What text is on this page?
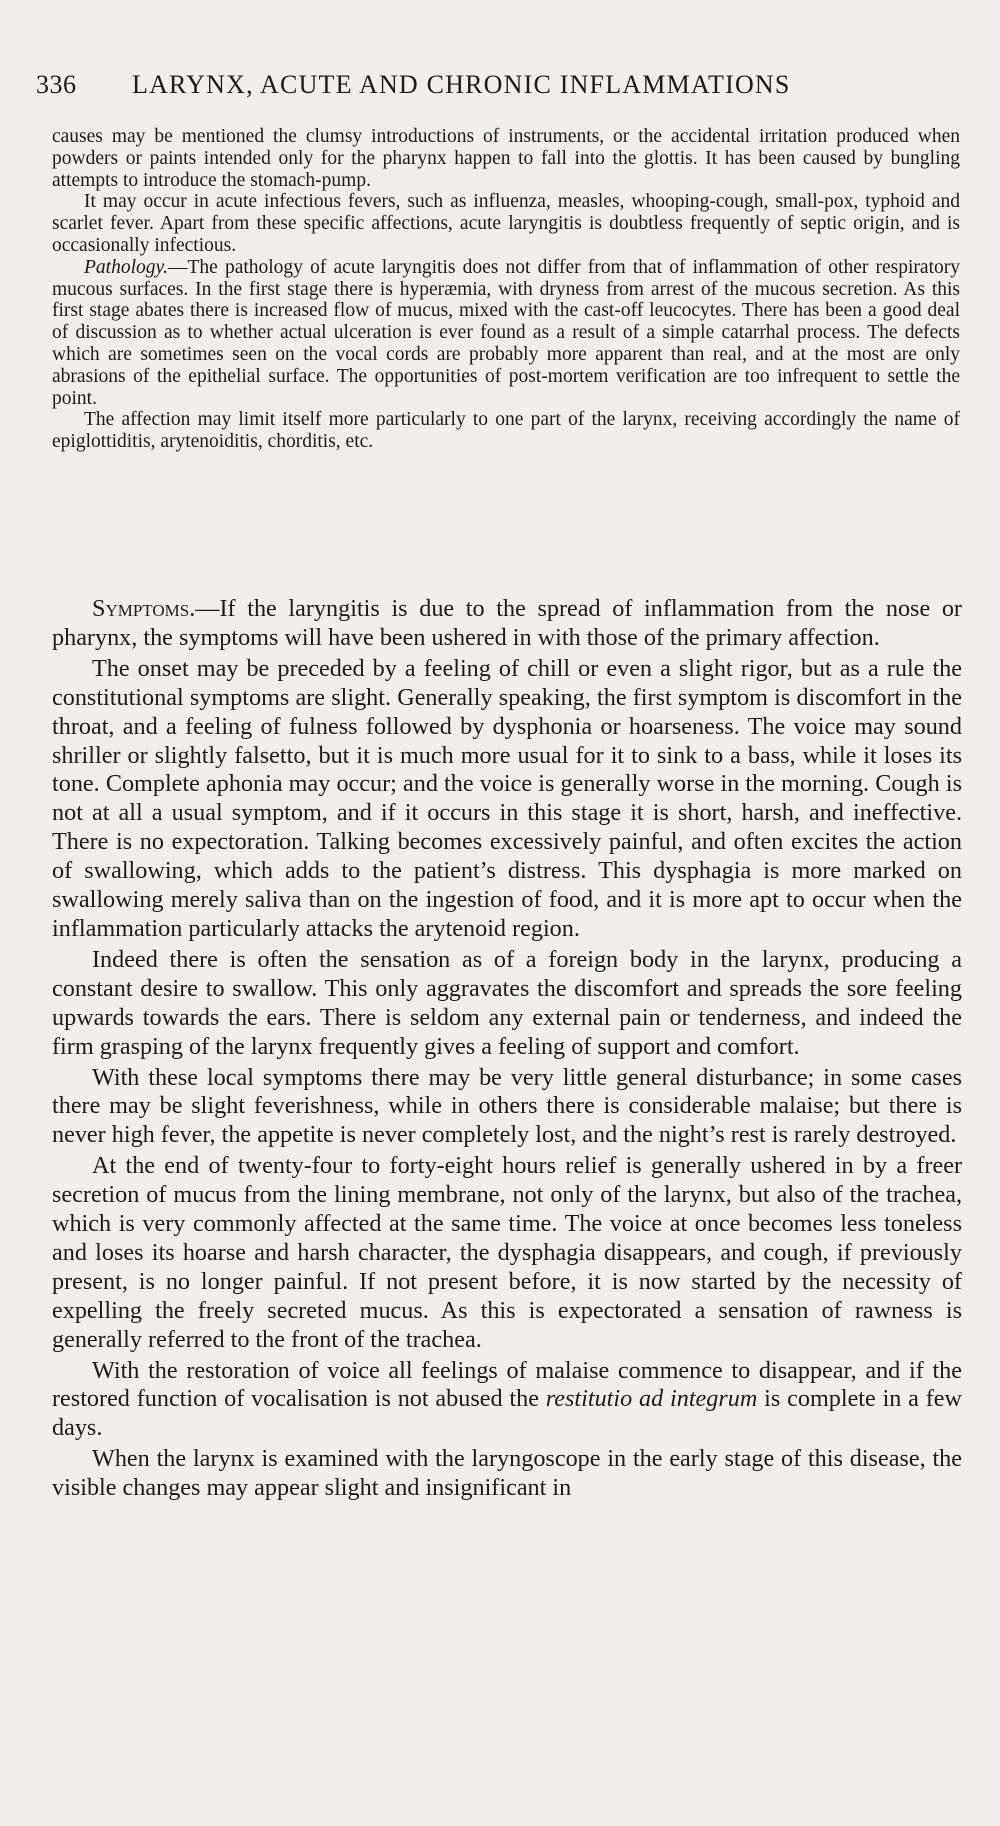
336	LARYNX, ACUTE AND CHRONIC INFLAMMATIONS

causes may be mentioned the clumsy introductions of instruments, or the accidental irritation produced when powders or paints intended only for the pharynx happen to fall into the glottis. It has been caused by bungling attempts to introduce the stomach-pump.

It may occur in acute infectious fevers, such as influenza, measles, whooping-cough, small-pox, typhoid and scarlet fever. Apart from these specific affections, acute laryngitis is doubtless frequently of septic origin, and is occasionally infectious.

Pathology.—The pathology of acute laryngitis does not differ from that of inflammation of other respiratory mucous surfaces. In the first stage there is hyperæmia, with dryness from arrest of the mucous secretion. As this first stage abates there is increased flow of mucus, mixed with the cast-off leucocytes. There has been a good deal of discussion as to whether actual ulceration is ever found as a result of a simple catarrhal process. The defects which are sometimes seen on the vocal cords are probably more apparent than real, and at the most are only abrasions of the epithelial surface. The opportunities of post-mortem verification are too infrequent to settle the point.

The affection may limit itself more particularly to one part of the larynx, receiving accordingly the name of epiglottiditis, arytenoiditis, chorditis, etc.

Symptoms.—If the laryngitis is due to the spread of inflammation from the nose or pharynx, the symptoms will have been ushered in with those of the primary affection.

The onset may be preceded by a feeling of chill or even a slight rigor, but as a rule the constitutional symptoms are slight. Generally speaking, the first symptom is discomfort in the throat, and a feeling of fulness followed by dysphonia or hoarseness. The voice may sound shriller or slightly falsetto, but it is much more usual for it to sink to a bass, while it loses its tone. Complete aphonia may occur; and the voice is generally worse in the morning. Cough is not at all a usual symptom, and if it occurs in this stage it is short, harsh, and ineffective. There is no expectoration. Talking becomes excessively painful, and often excites the action of swallowing, which adds to the patient’s distress. This dysphagia is more marked on swallowing merely saliva than on the ingestion of food, and it is more apt to occur when the inflammation particularly attacks the arytenoid region.

Indeed there is often the sensation as of a foreign body in the larynx, producing a constant desire to swallow. This only aggravates the discomfort and spreads the sore feeling upwards towards the ears. There is seldom any external pain or tenderness, and indeed the firm grasping of the larynx frequently gives a feeling of support and comfort.

With these local symptoms there may be very little general disturbance; in some cases there may be slight feverishness, while in others there is considerable malaise; but there is never high fever, the appetite is never completely lost, and the night’s rest is rarely destroyed.

At the end of twenty-four to forty-eight hours relief is generally ushered in by a freer secretion of mucus from the lining membrane, not only of the larynx, but also of the trachea, which is very commonly affected at the same time. The voice at once becomes less toneless and loses its hoarse and harsh character, the dysphagia disappears, and cough, if previously present, is no longer painful. If not present before, it is now started by the necessity of expelling the freely secreted mucus. As this is expectorated a sensation of rawness is generally referred to the front of the trachea.

With the restoration of voice all feelings of malaise commence to disappear, and if the restored function of vocalisation is not abused the restitutio ad integrum is complete in a few days.

When the larynx is examined with the laryngoscope in the early stage of this disease, the visible changes may appear slight and insignificant in
